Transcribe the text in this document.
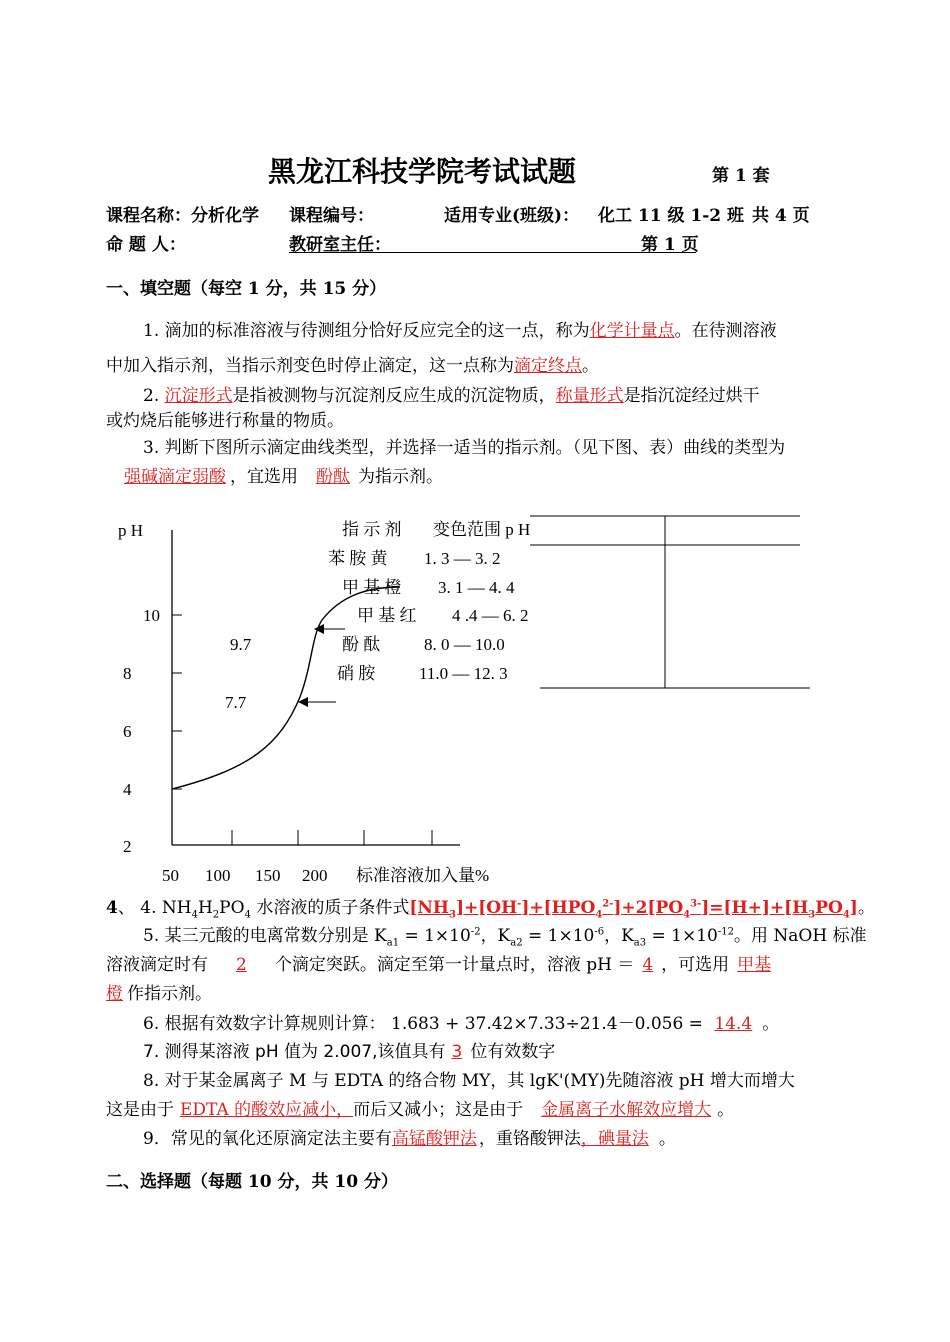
黑龙江科技学院考试试题	第 1 套
课程名称：分析化学 课程编号：	适用专业(班级)： 化工 11 级 1-2 班 共 4 页
命 题 人：	教研室主任：	第 1 页
一、填空题（每空 1 分，共 15 分）
1. 滴加的标准溶液与待测组分恰好反应完全的这一点，称为化学计量点。在待测溶液
中加入指示剂，当指示剂变色时停止滴定，这一点称为滴定终点。
2. 沉淀形式是指被测物与沉淀剂反应生成的沉淀物质，称量形式是指沉淀经过烘干
或灼烧后能够进行称量的物质。
3. 判断下图所示滴定曲线类型，并选择一适当的指示剂。（见下图、表）曲线的类型为
强碱滴定弱酸 ，宜选用 酚酞 为指示剂。
p H
10
8
6
4
2
50 100 150 200 标准溶液加入量%
9.7
7.7
指 示 剂 变色范围 p H
苯 胺 黄 1. 3 — 3. 2
甲 基 橙 3. 1 — 4. 4
甲 基 红 4 .4 — 6. 2
酚 酞	8. 0 — 10.0
硝 胺	11.0 — 12. 3
4、 4. $NH_4H_2PO_4$ 水溶液的质子条件式$[NH_3]+[OH^-]+[HPO_4^{2-}]+2[PO_4^{3-}]=[H+]+[H_3PO_4]$。
5. 某三元酸的电离常数分别是 $K_{a1} = 1\times 10^{-2}$，$K_{a2} = 1\times 10^{-6}$，$K_{a3} = 1\times 10^{-12}$。用 NaOH 标准
溶液滴定时有 2 个滴定突跃。滴定至第一计量点时，溶液 pH ＝ 4 ，可选用 甲基
橙 作指示剂。
6. 根据有效数字计算规则计算： 1.683 + 37.42×7.33÷21.4－0.056 = 14.4 。
7. 测得某溶液 pH 值为 2.007,该值具有 3 位有效数字
8. 对于某金属离子 M 与 EDTA 的络合物 MY，其 lgK'(MY)先随溶液 pH 增大而增大
这是由于 EDTA 的酸效应减小，而后又减小；这是由于 金属离子水解效应增大 。
9．常见的氧化还原滴定法主要有高锰酸钾法 ，重铬酸钾法，碘量法 。
二、选择题（每题 10 分，共 10 分）
